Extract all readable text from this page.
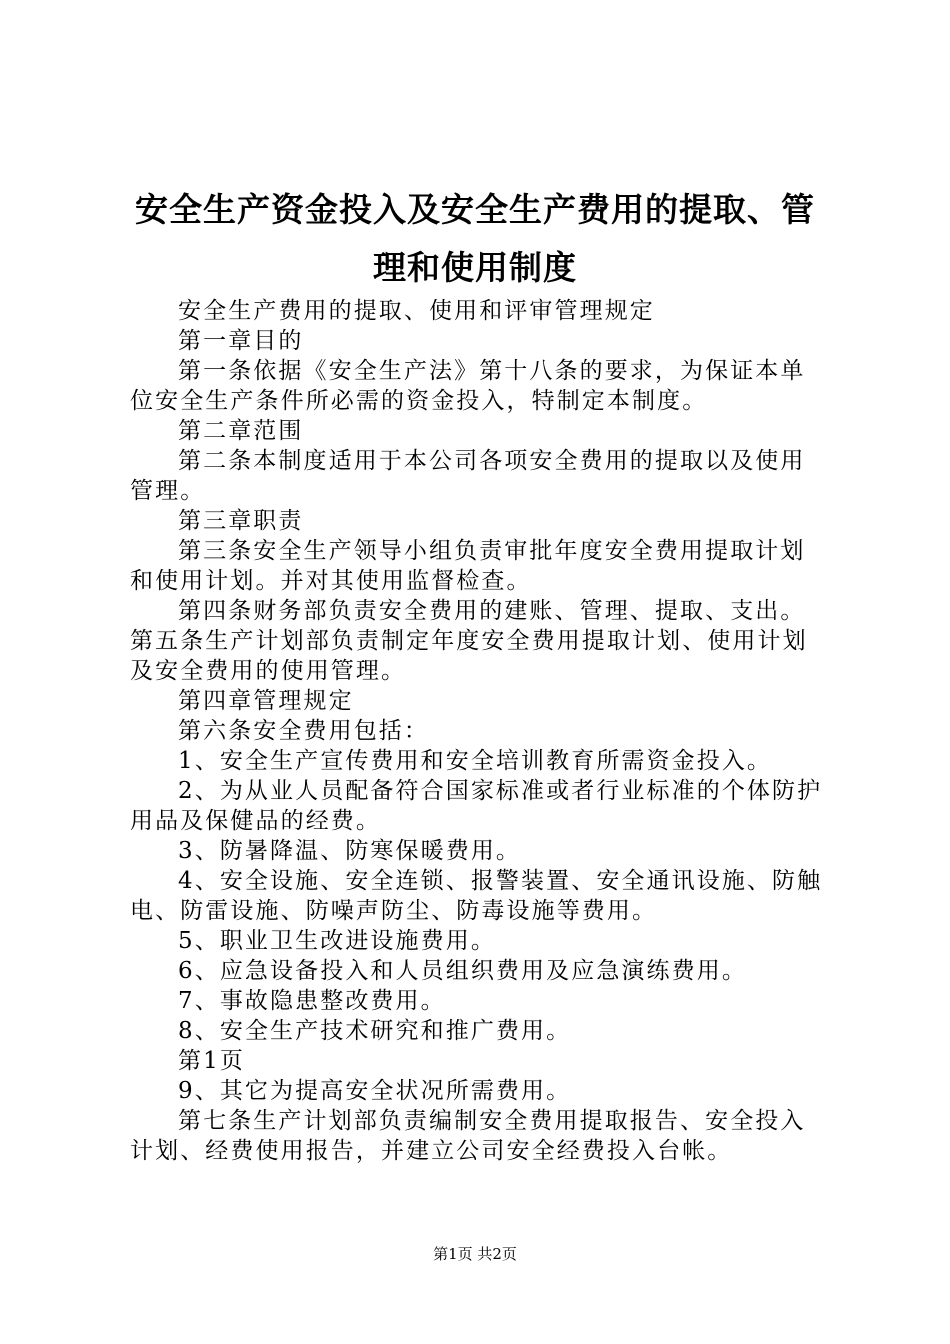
安全生产资金投入及安全生产费用的提取、管
理和使用制度
安全生产费用的提取、使用和评审管理规定
第一章目的
第一条依据《安全生产法》第十八条的要求，为保证本单
位安全生产条件所必需的资金投入，特制定本制度。
第二章范围
第二条本制度适用于本公司各项安全费用的提取以及使用
管理。
第三章职责
第三条安全生产领导小组负责审批年度安全费用提取计划
和使用计划。并对其使用监督检查。
第四条财务部负责安全费用的建账、管理、提取、支出。
第五条生产计划部负责制定年度安全费用提取计划、使用计划
及安全费用的使用管理。
第四章管理规定
第六条安全费用包括：
1、安全生产宣传费用和安全培训教育所需资金投入。
2、为从业人员配备符合国家标准或者行业标准的个体防护
用品及保健品的经费。
3、防暑降温、防寒保暖费用。
4、安全设施、安全连锁、报警装置、安全通讯设施、防触
电、防雷设施、防噪声防尘、防毒设施等费用。
5、职业卫生改进设施费用。
6、应急设备投入和人员组织费用及应急演练费用。
7、事故隐患整改费用。
8、安全生产技术研究和推广费用。
第1页
9、其它为提高安全状况所需费用。
第七条生产计划部负责编制安全费用提取报告、安全投入
计划、经费使用报告，并建立公司安全经费投入台帐。
第1页 共2页
